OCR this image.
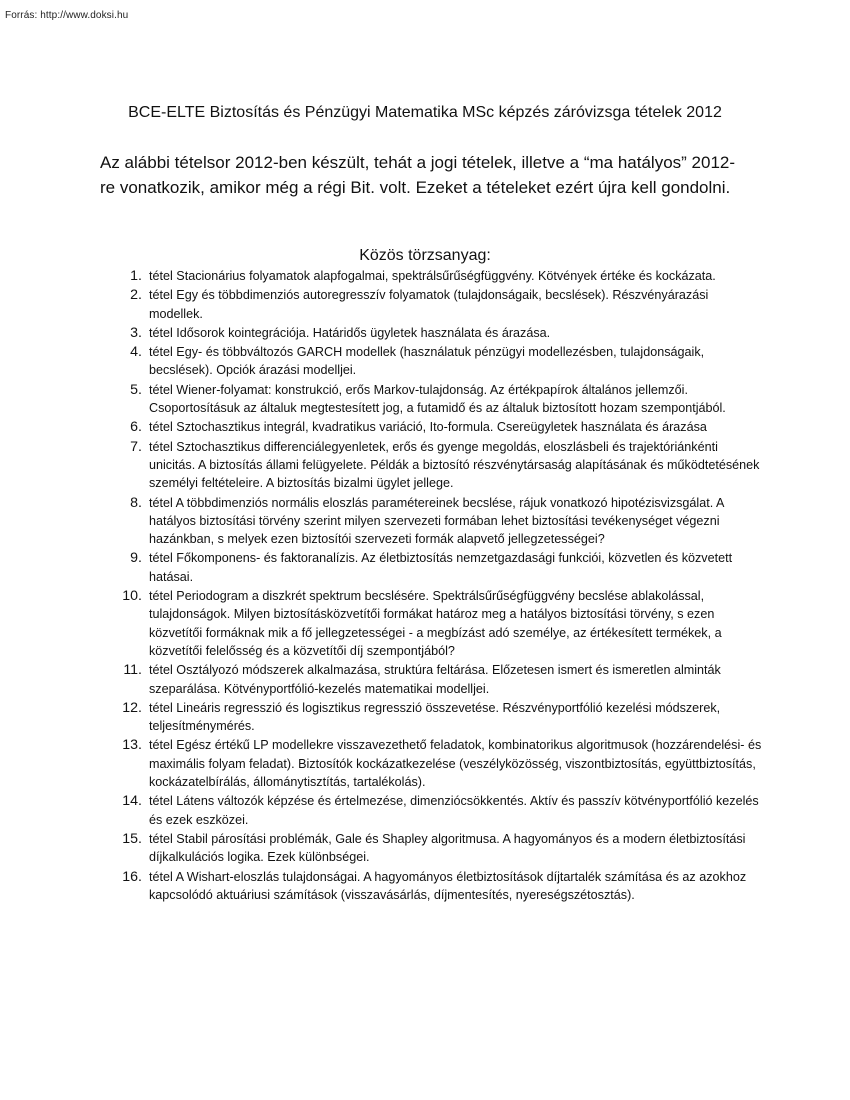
Forrás: http://www.doksi.hu
BCE-ELTE Biztosítás és Pénzügyi Matematika MSc képzés záróvizsga tételek 2012
Az alábbi tételsor 2012-ben készült, tehát a jogi tételek, illetve a “ma hatályos” 2012-re vonatkozik, amikor még a régi Bit. volt. Ezeket a tételeket ezért újra kell gondolni.
Közös törzsanyag:
1. tétel Stacionárius folyamatok alapfogalmai, spektrálsűrűségfüggvény. Kötvények értéke és kockázata.
2. tétel Egy és többdimenziós autoregresszív folyamatok (tulajdonságaik, becslések). Részvényárazási modellek.
3. tétel Idősorok kointegrációja. Határidős ügyletek használata és árazása.
4. tétel Egy- és többváltozós GARCH modellek (használatuk pénzügyi modellezésben, tulajdonságaik, becslések). Opciók árazási modelljei.
5. tétel Wiener-folyamat: konstrukció, erős Markov-tulajdonság. Az értékpapírok általános jellemzői. Csoportosításuk az általuk megtestesített jog, a futamidő és az általuk biztosított hozam szempontjából.
6. tétel Sztochasztikus integrál, kvadratikus variáció, Ito-formula. Csereügyletek használata és árazása
7. tétel Sztochasztikus differenciálegyenletek, erős és gyenge megoldás, eloszlásbeli és trajektóriánkénti unicitás. A biztosítás állami felügyelete. Példák a biztosító részvénytársaság alapításának és működtetésének személyi feltételeire. A biztosítás bizalmi ügylet jellege.
8. tétel A többdimenziós normális eloszlás paramétereinek becslése, rájuk vonatkozó hipotézisvizsgálat. A hatályos biztosítási törvény szerint milyen szervezeti formában lehet biztosítási tevékenységet végezni hazánkban, s melyek ezen biztosítói szervezeti formák alapvető jellegzetességei?
9. tétel Főkomponens- és faktoranalízis. Az életbiztosítás nemzetgazdasági funkciói, közvetlen és közvetett hatásai.
10. tétel Periodogram a diszkrét spektrum becslésére. Spektrálsűrűségfüggvény becslése ablakolással, tulajdonságok. Milyen biztosításközvetítői formákat határoz meg a hatályos biztosítási törvény, s ezen közvetítői formáknak mik a fő jellegzetességei - a megbízást adó személye, az értékesített termékek, a közvetítői felelősség és a közvetítői díj szempontjából?
11. tétel Osztályozó módszerek alkalmazása, struktúra feltárása. Előzetesen ismert és ismeretlen alminták szeparálása. Kötvényportfólió-kezelés matematikai modelljei.
12. tétel Lineáris regresszió és logisztikus regresszió összevetése. Részvényportfólió kezelési módszerek, teljesítménymérés.
13. tétel Egész értékű LP modellekre visszavezethető feladatok, kombinatorikus algoritmusok (hozzárendelési- és maximális folyam feladat). Biztosítók kockázatkezelése (veszélyközösség, viszontbiztosítás, együttbiztosítás, kockázatelbírálás, állománytisztítás, tartalékolás).
14. tétel Látens változók képzése és értelmezése, dimenziócsökkentés. Aktív és passzív kötvényportfólió kezelés és ezek eszközei.
15. tétel Stabil párosítási problémák, Gale és Shapley algoritmusa. A hagyományos és a modern életbiztosítási díjkalkulációs logika. Ezek különbségei.
16. tétel A Wishart-eloszlás tulajdonságai. A hagyományos életbiztosítások díjtartalék számítása és az azokhoz kapcsolódó aktuáriusi számítások (visszavásárlás, díjmentesítés, nyereségszétosztás).
